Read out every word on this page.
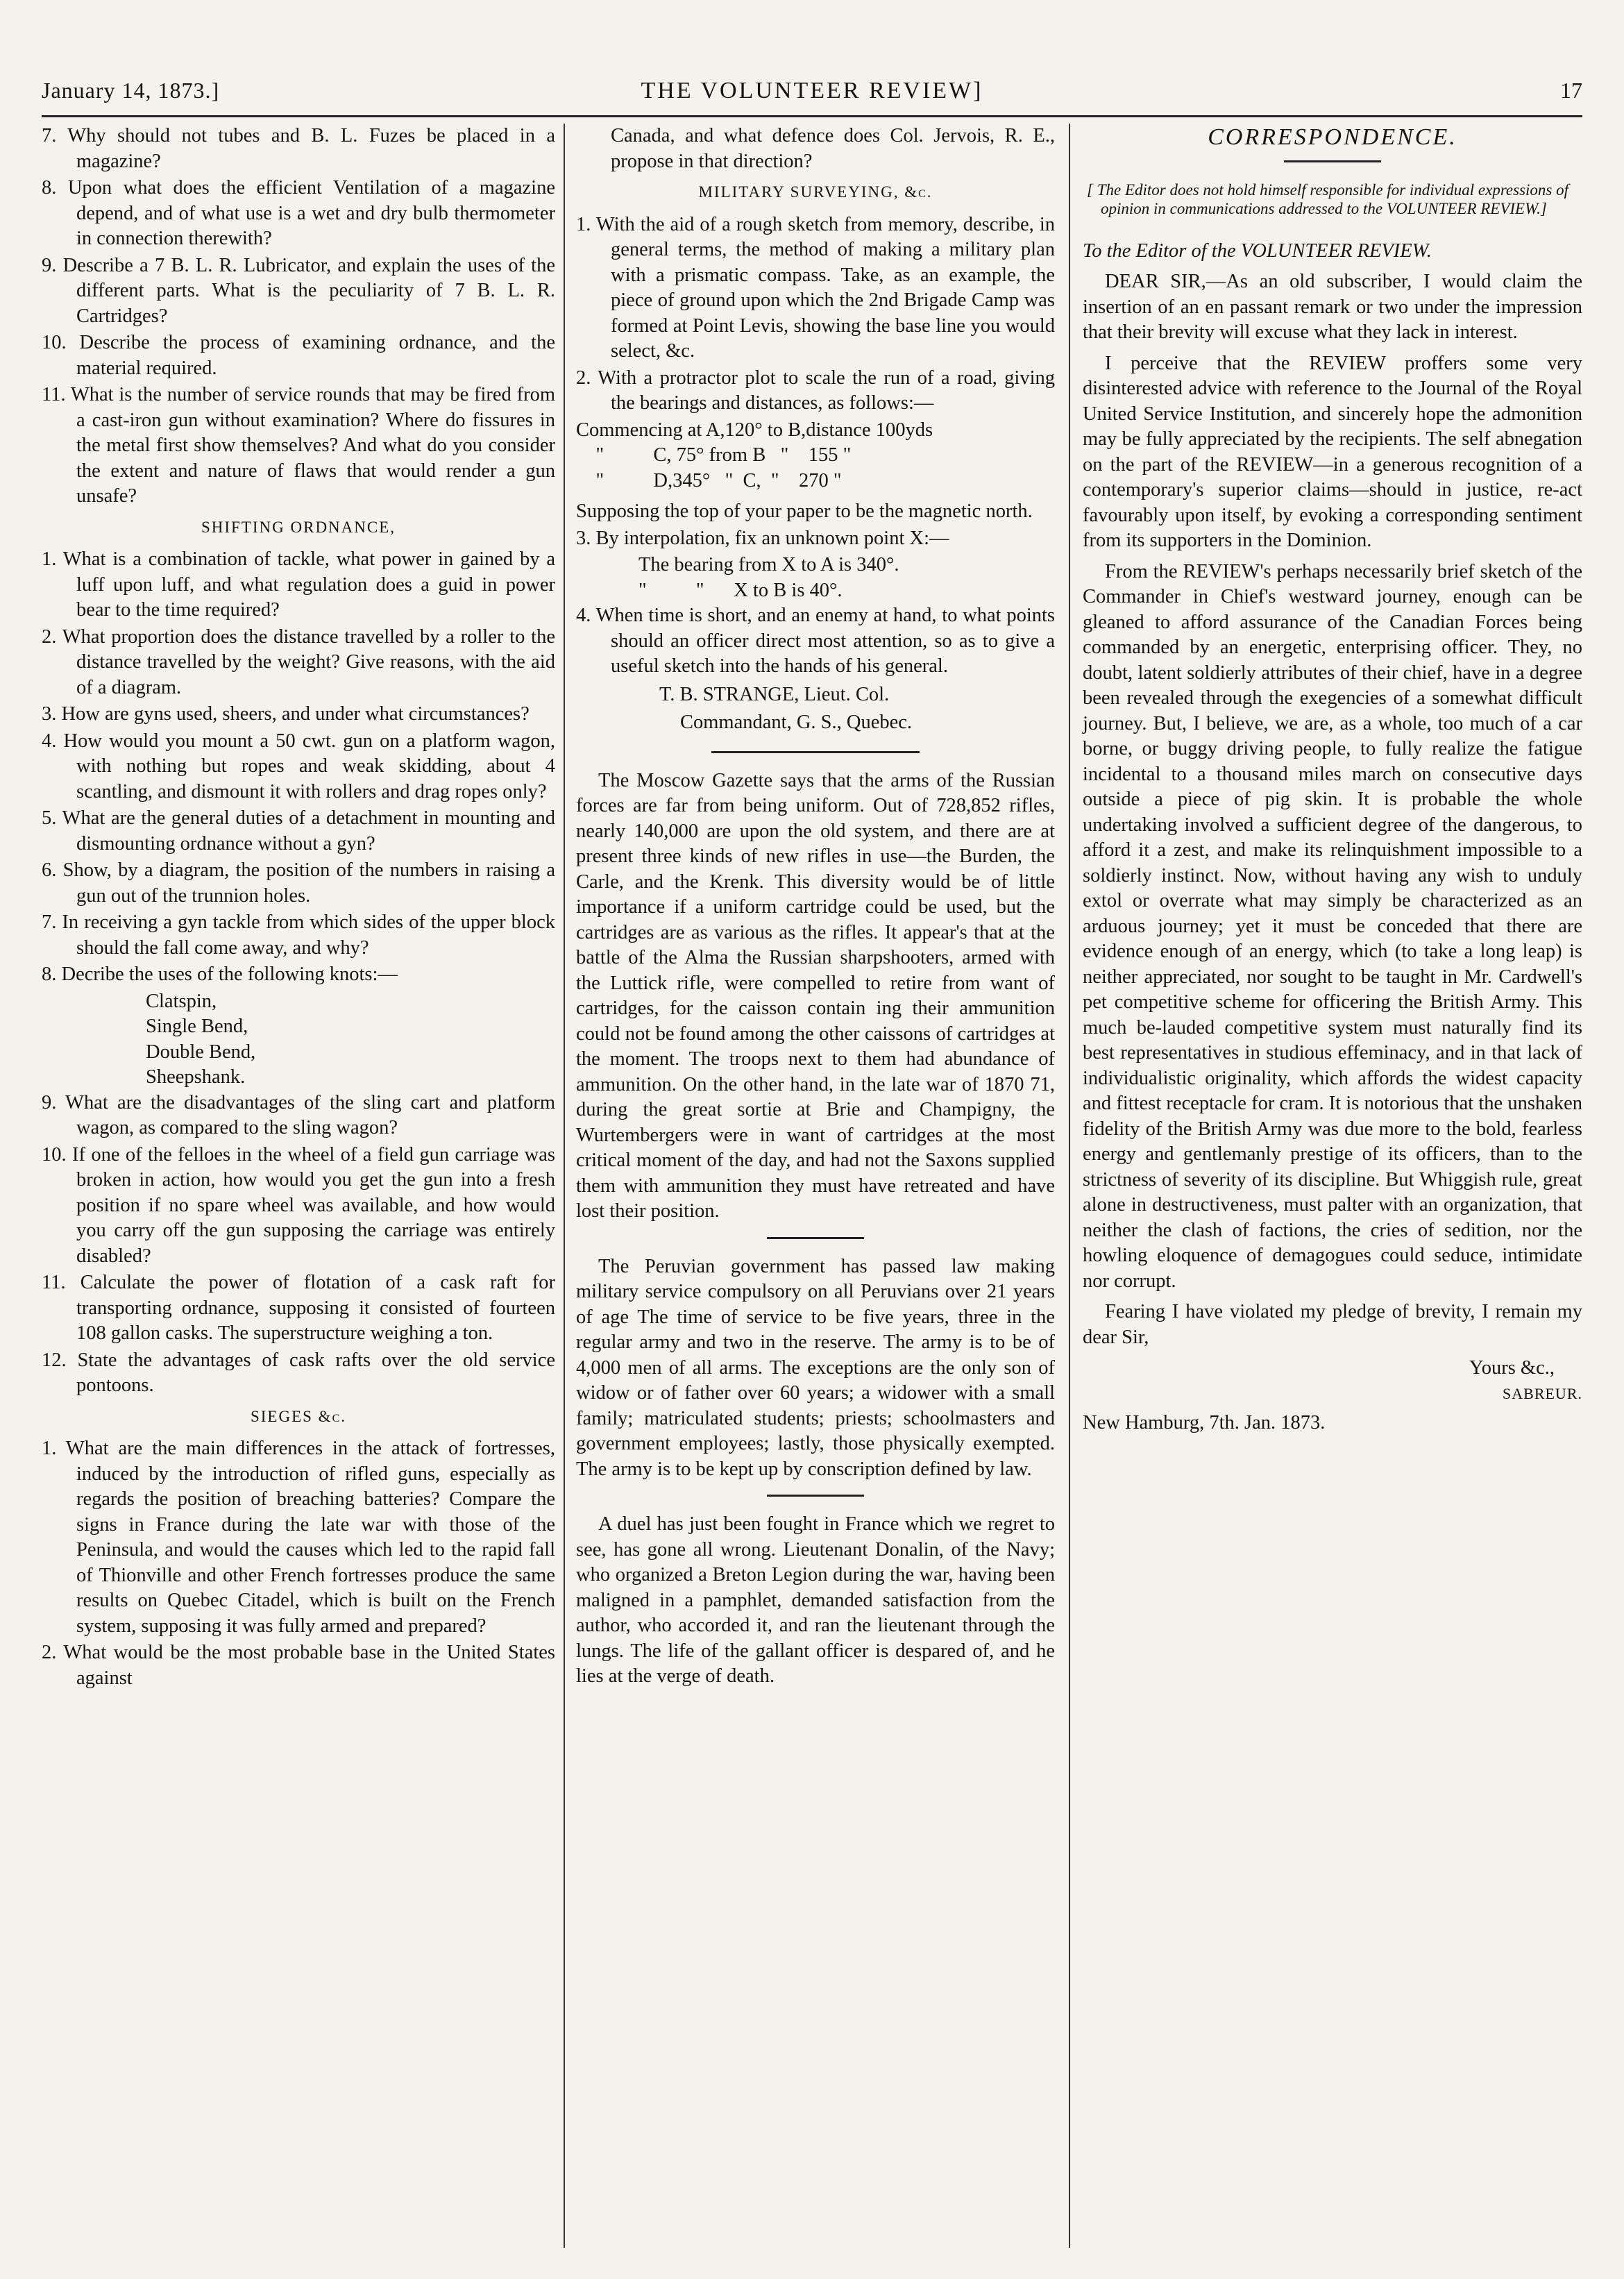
January 14, 1873.]	THE VOLUNTEER REVIEW]	17

7. Why should not tubes and B. L. Fuzes be placed in a magazine?

8. Upon what does the efficient Ventilation of a magazine depend, and of what use is a wet and dry bulb thermometer in connection therewith?

9. Describe a 7 B. L. R. Lubricator, and explain the uses of the different parts. What is the peculiarity of 7 B. L. R. Cartridges?

10. Describe the process of examining ordnance, and the material required.

11. What is the number of service rounds that may be fired from a cast-iron gun without examination? Where do fissures in the metal first show themselves? And what do you consider the extent and nature of flaws that would render a gun unsafe?

SHIFTING ORDNANCE,

1. What is a combination of tackle, what power in gained by a luff upon luff, and what regulation does a guid in power bear to the time required?

2. What proportion does the distance travelled by a roller to the distance travelled by the weight? Give reasons, with the aid of a diagram.

3. How are gyns used, sheers, and under what circumstances?

4. How would you mount a 50 cwt. gun on a platform wagon, with nothing but ropes and weak skidding, about 4 scantling, and dismount it with rollers and drag ropes only?

5. What are the general duties of a detachment in mounting and dismounting ordnance without a gyn?

6. Show, by a diagram, the position of the numbers in raising a gun out of the trunnion holes.

7. In receiving a gyn tackle from which sides of the upper block should the fall come away, and why?

8. Decribe the uses of the following knots:—

Clatspin,

Single Bend,

Double Bend,

Sheepshank.

9. What are the disadvantages of the sling cart and platform wagon, as compared to the sling wagon?

10. If one of the felloes in the wheel of a field gun carriage was broken in action, how would you get the gun into a fresh position if no spare wheel was available, and how would you carry off the gun supposing the carriage was entirely disabled?

11. Calculate the power of flotation of a cask raft for transporting ordnance, supposing it consisted of fourteen 108 gallon casks. The superstructure weighing a ton.

12. State the advantages of cask rafts over the old service pontoons.

SIEGES &c.

1. What are the main differences in the attack of fortresses, induced by the introduction of rifled guns, especially as regards the position of breaching batteries? Compare the signs in France during the late war with those of the Peninsula, and would the causes which led to the rapid fall of Thionville and other French fortresses produce the same results on Quebec Citadel, which is built on the French system, supposing it was fully armed and prepared?

2. What would be the most probable base in the United States against

Canada, and what defence does Col. Jervois, R. E., propose in that direction?

MILITARY SURVEYING, &c.

1. With the aid of a rough sketch from memory, describe, in general terms, the method of making a military plan with a prismatic compass. Take, as an example, the piece of ground upon which the 2nd Brigade Camp was formed at Point Levis, showing the base line you would select, &c.

2. With a protractor plot to scale the run of a road, giving the bearings and distances, as follows:—

Commencing at A,120° to B,distance 100yds
"          C, 75° from B   "    155 "
"          D,345°   "  C,  "    270 "

Supposing the top of your paper to be the magnetic north.

3. By interpolation, fix an unknown point X:—

The bearing from X to A is 340°.

"          "      X to B is 40°.

4. When time is short, and an enemy at hand, to what points should an officer direct most attention, so as to give a useful sketch into the hands of his general.

T. B. STRANGE, Lieut. Col.

Commandant, G. S., Quebec.

The Moscow Gazette says that the arms of the Russian forces are far from being uniform. Out of 728,852 rifles, nearly 140,000 are upon the old system, and there are at present three kinds of new rifles in use—the Burden, the Carle, and the Krenk. This diversity would be of little importance if a uniform cartridge could be used, but the cartridges are as various as the rifles. It appear's that at the battle of the Alma the Russian sharpshooters, armed with the Luttick rifle, were compelled to retire from want of cartridges, for the caisson contain ing their ammunition could not be found among the other caissons of cartridges at the moment. The troops next to them had abundance of ammunition. On the other hand, in the late war of 1870 71, during the great sortie at Brie and Champigny, the Wurtembergers were in want of cartridges at the most critical moment of the day, and had not the Saxons supplied them with ammunition they must have retreated and have lost their position.

The Peruvian government has passed law making military service compulsory on all Peruvians over 21 years of age The time of service to be five years, three in the regular army and two in the reserve. The army is to be of 4,000 men of all arms. The exceptions are the only son of widow or of father over 60 years; a widower with a small family; matriculated students; priests; schoolmasters and government employees; lastly, those physically exempted. The army is to be kept up by conscription defined by law.

A duel has just been fought in France which we regret to see, has gone all wrong. Lieutenant Donalin, of the Navy; who organized a Breton Legion during the war, having been maligned in a pamphlet, demanded satisfaction from the author, who accorded it, and ran the lieutenant through the lungs. The life of the gallant officer is despared of, and he lies at the verge of death.

CORRESPONDENCE.

[ The Editor does not hold himself responsible for individual expressions of opinion in communications addressed to the VOLUNTEER REVIEW.]

To the Editor of the VOLUNTEER REVIEW.

DEAR SIR,—As an old subscriber, I would claim the insertion of an en passant remark or two under the impression that their brevity will excuse what they lack in interest.

I perceive that the REVIEW proffers some very disinterested advice with reference to the Journal of the Royal United Service Institution, and sincerely hope the admonition may be fully appreciated by the recipients. The self abnegation on the part of the REVIEW—in a generous recognition of a contemporary's superior claims—should in justice, re-act favourably upon itself, by evoking a corresponding sentiment from its supporters in the Dominion.

From the REVIEW's perhaps necessarily brief sketch of the Commander in Chief's westward journey, enough can be gleaned to afford assurance of the Canadian Forces being commanded by an energetic, enterprising officer. They, no doubt, latent soldierly attributes of their chief, have in a degree been revealed through the exegencies of a somewhat difficult journey. But, I believe, we are, as a whole, too much of a car borne, or buggy driving people, to fully realize the fatigue incidental to a thousand miles march on consecutive days outside a piece of pig skin. It is probable the whole undertaking involved a sufficient degree of the dangerous, to afford it a zest, and make its relinquishment impossible to a soldierly instinct. Now, without having any wish to unduly extol or overrate what may simply be characterized as an arduous journey; yet it must be conceded that there are evidence enough of an energy, which (to take a long leap) is neither appreciated, nor sought to be taught in Mr. Cardwell's pet competitive scheme for officering the British Army. This much be-lauded competitive system must naturally find its best representatives in studious effeminacy, and in that lack of individualistic originality, which affords the widest capacity and fittest receptacle for cram. It is notorious that the unshaken fidelity of the British Army was due more to the bold, fearless energy and gentlemanly prestige of its officers, than to the strictness of severity of its discipline. But Whiggish rule, great alone in destructiveness, must palter with an organization, that neither the clash of factions, the cries of sedition, nor the howling eloquence of demagogues could seduce, intimidate nor corrupt.

Fearing I have violated my pledge of brevity, I remain my dear Sir,

Yours &c.,

SABREUR.

New Hamburg, 7th. Jan. 1873.
